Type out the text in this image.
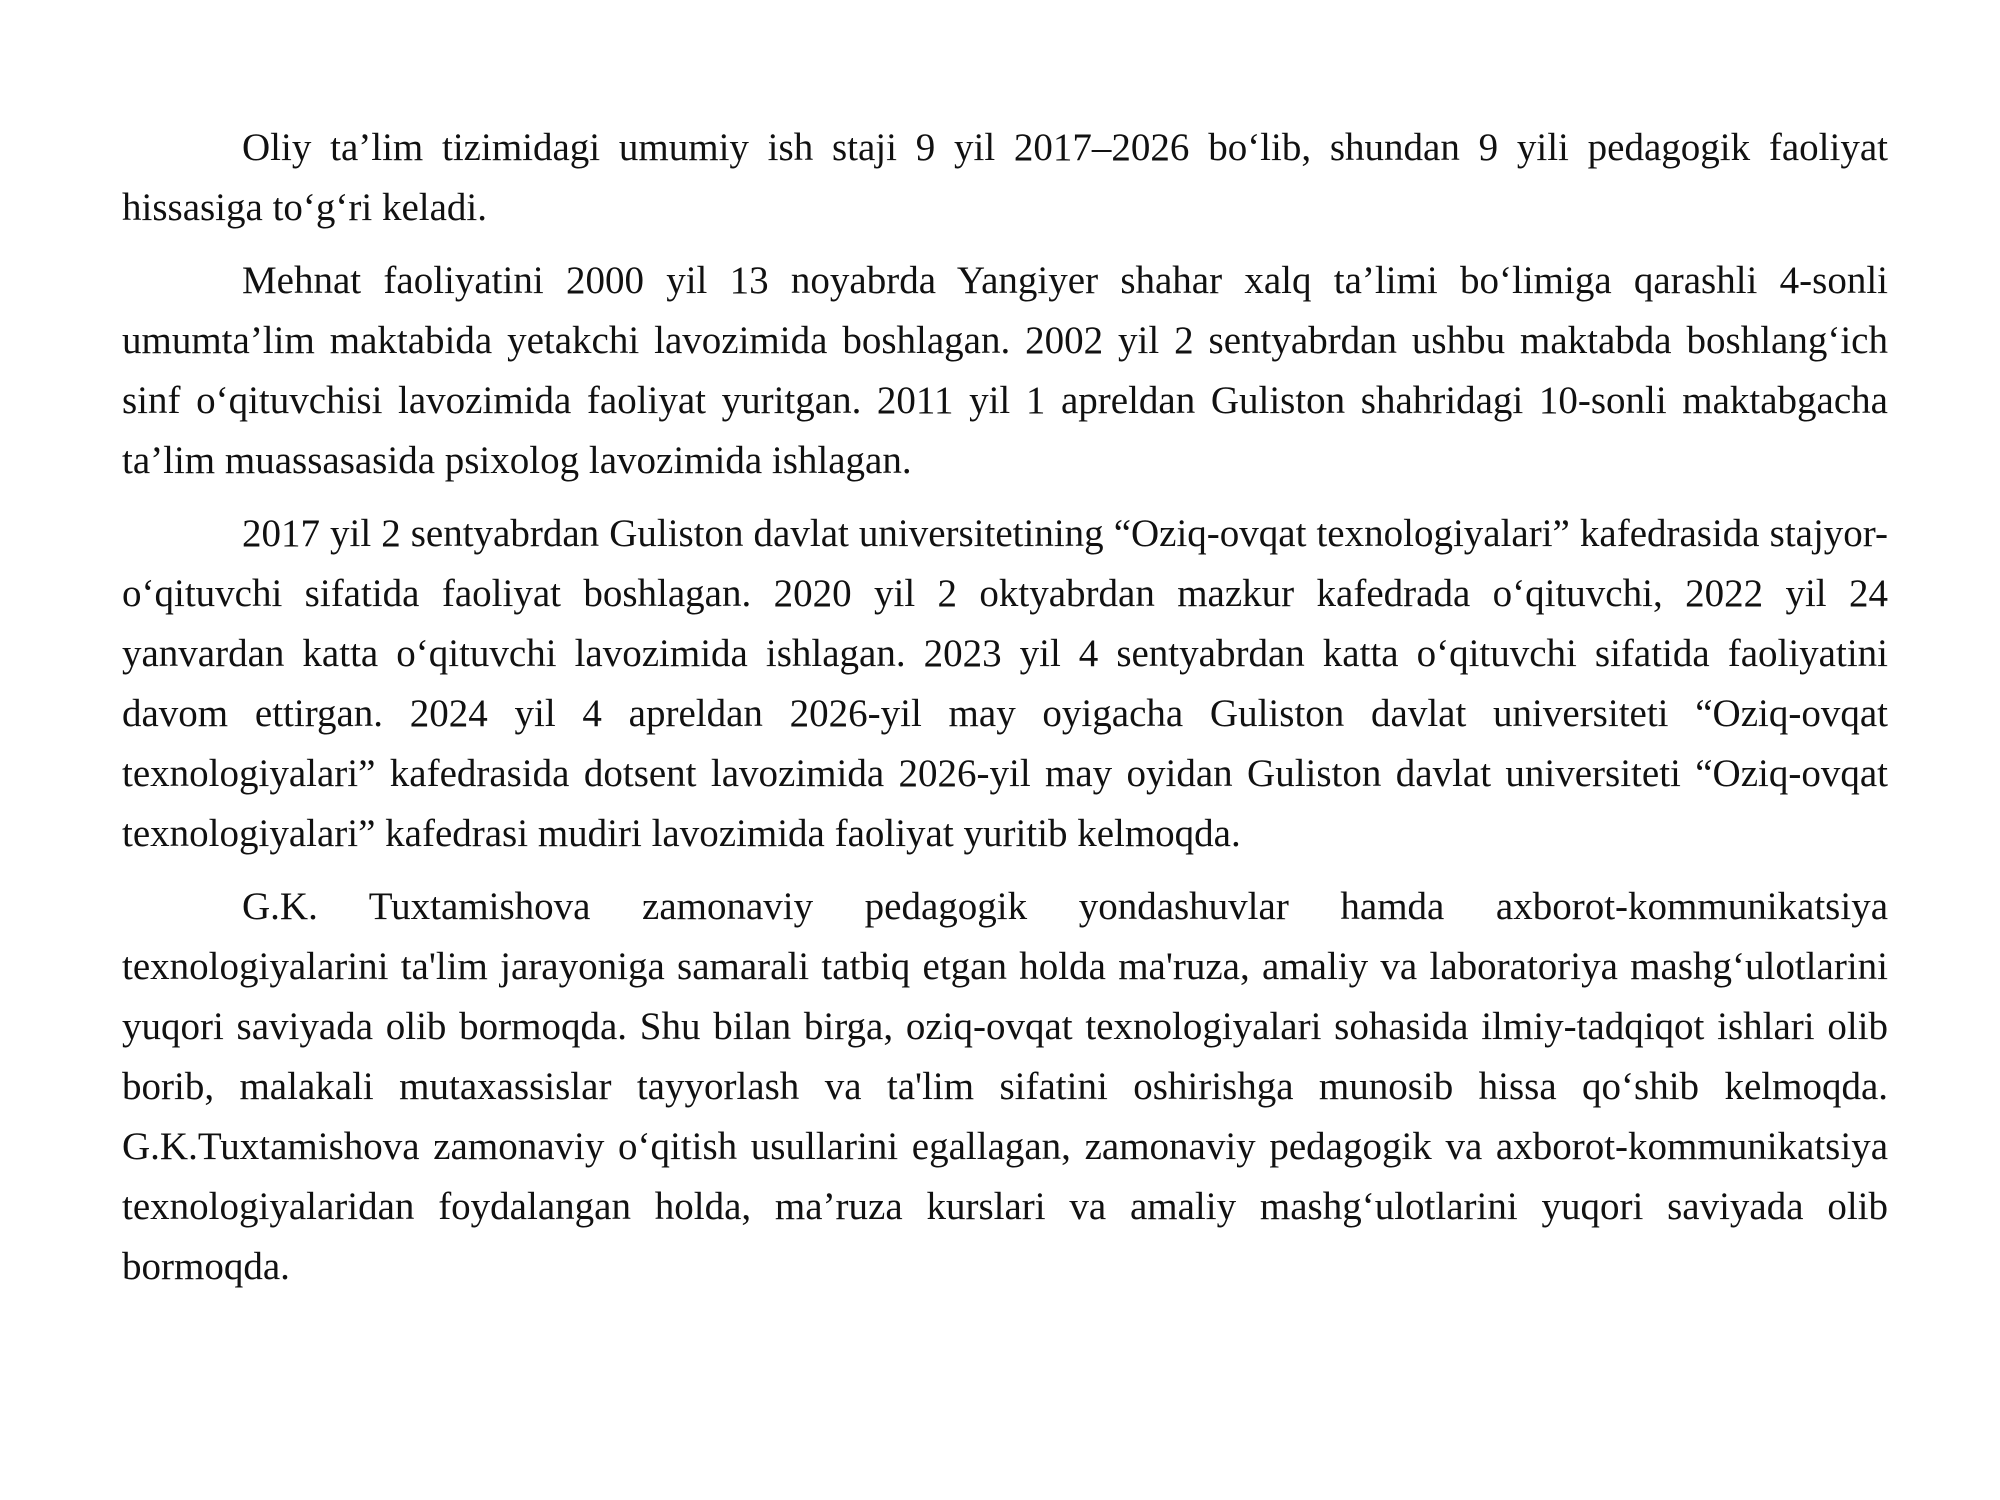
Oliy ta’lim tizimidagi umumiy ish staji 9 yil 2017–2026 bo‘lib, shundan 9 yili pedagogik faoliyat hissasiga to‘g‘ri keladi.

Mehnat faoliyatini 2000 yil 13 noyabrda Yangiyer shahar xalq ta’limi bo‘limiga qarashli 4-sonli umumta’lim maktabida yetakchi lavozimida boshlagan. 2002 yil 2 sentyabrdan ushbu maktabda boshlang‘ich sinf o‘qituvchisi lavozimida faoliyat yuritgan. 2011 yil 1 apreldan Guliston shahridagi 10-sonli maktabgacha ta’lim muassasasida psixolog lavozimida ishlagan.

2017 yil 2 sentyabrdan Guliston davlat universitetining “Oziq-ovqat texnologiyalari” kafedrasida stajyor-o‘qituvchi sifatida faoliyat boshlagan. 2020 yil 2 oktyabrdan mazkur kafedrada o‘qituvchi, 2022 yil 24 yanvardan katta o‘qituvchi lavozimida ishlagan. 2023 yil 4 sentyabrdan katta o‘qituvchi sifatida faoliyatini davom ettirgan. 2024 yil 4 apreldan 2026-yil may oyigacha Guliston davlat universiteti “Oziq-ovqat texnologiyalari” kafedrasida dotsent lavozimida 2026-yil may oyidan Guliston davlat universiteti “Oziq-ovqat texnologiyalari” kafedrasi mudiri lavozimida faoliyat yuritib kelmoqda.

G.K. Tuxtamishova zamonaviy pedagogik yondashuvlar hamda axborot-kommunikatsiya texnologiyalarini ta'lim jarayoniga samarali tatbiq etgan holda ma'ruza, amaliy va laboratoriya mashg‘ulotlarini yuqori saviyada olib bormoqda. Shu bilan birga, oziq-ovqat texnologiyalari sohasida ilmiy-tadqiqot ishlari olib borib, malakali mutaxassislar tayyorlash va ta'lim sifatini oshirishga munosib hissa qo‘shib kelmoqda. G.K.Tuxtamishova zamonaviy o‘qitish usullarini egallagan, zamonaviy pedagogik va axborot-kommunikatsiya texnologiyalaridan foydalangan holda, ma’ruza kurslari va amaliy mashg‘ulotlarini yuqori saviyada olib bormoqda.
